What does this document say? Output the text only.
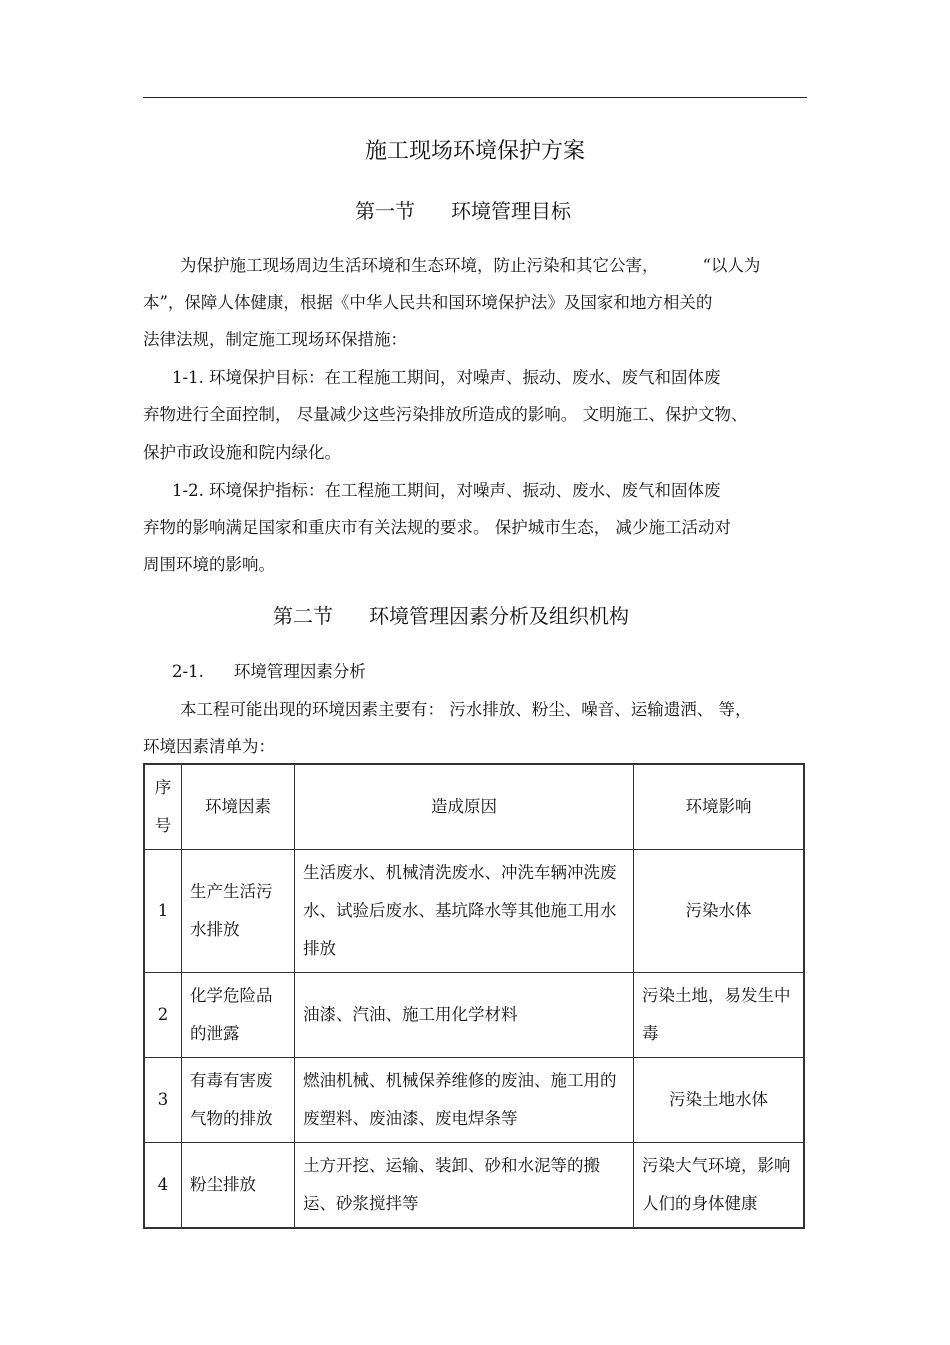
施工现场环境保护方案
第一节 环境管理目标
为保护施工现场周边生活环境和生态环境，防止污染和其它公害，	“以人为
本”，保障人体健康，根据《中华人民共和国环境保护法》及国家和地方相关的
法律法规，制定施工现场环保措施：
1-1. 环境保护目标：在工程施工期间，对噪声、振动、废水、废气和固体废
弃物进行全面控制， 尽量减少这些污染排放所造成的影响。 文明施工、保护文物、
保护市政设施和院内绿化。
1-2. 环境保护指标：在工程施工期间，对噪声、振动、废水、废气和固体废
弃物的影响满足国家和重庆市有关法规的要求。 保护城市生态， 减少施工活动对
周围环境的影响。
第二节 环境管理因素分析及组织机构
2-1. 环境管理因素分析
本工程可能出现的环境因素主要有： 污水排放、粉尘、噪音、运输遗洒、 等，
环境因素清单为：
序号	环境因素	造成原因	环境影响
1	生产生活污水排放	生活废水、机械清洗废水、冲洗车辆冲洗废水、试验后废水、基坑降水等其他施工用水排放	污染水体
2	化学危险品的泄露	油漆、汽油、施工用化学材料	污染土地，易发生中毒
3	有毒有害废气物的排放	燃油机械、机械保养维修的废油、施工用的废塑料、废油漆、废电焊条等	污染土地水体
4	粉尘排放	土方开挖、运输、装卸、砂和水泥等的搬运、砂浆搅拌等	污染大气环境，影响人们的身体健康
